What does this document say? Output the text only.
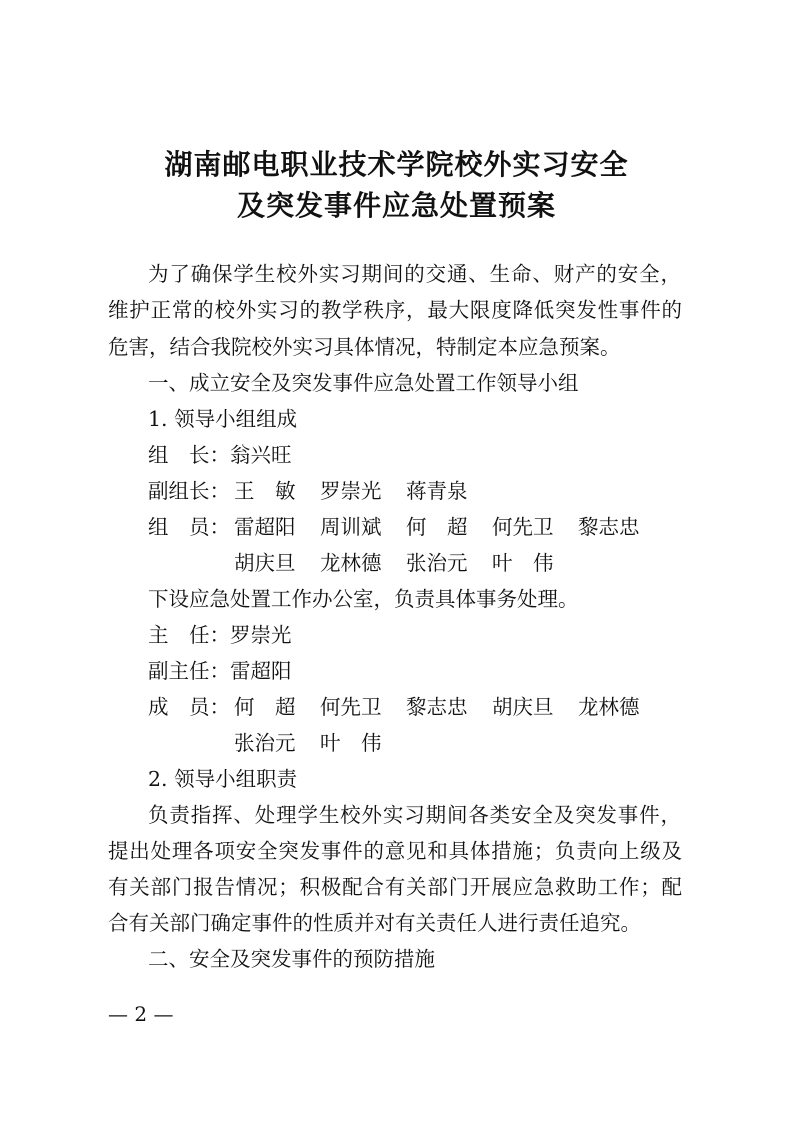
湖南邮电职业技术学院校外实习安全
及突发事件应急处置预案
为了确保学生校外实习期间的交通、生命、财产的安全，
维护正常的校外实习的教学秩序，最大限度降低突发性事件的
危害，结合我院校外实习具体情况，特制定本应急预案。
一、成立安全及突发事件应急处置工作领导小组
1. 领导小组组成
组　长：翁兴旺
副组长： 王　敏 罗崇光 蒋青泉
组　员： 雷超阳 周训斌 何　超 何先卫 黎志忠
胡庆旦 龙林德 张治元 叶　伟
下设应急处置工作办公室，负责具体事务处理。
主　任：罗崇光
副主任：雷超阳
成　员： 何　超 何先卫 黎志忠 胡庆旦 龙林德
张治元 叶　伟
2. 领导小组职责
负责指挥、处理学生校外实习期间各类安全及突发事件，
提出处理各项安全突发事件的意见和具体措施；负责向上级及
有关部门报告情况；积极配合有关部门开展应急救助工作；配
合有关部门确定事件的性质并对有关责任人进行责任追究。
二、安全及突发事件的预防措施
— 2 —
